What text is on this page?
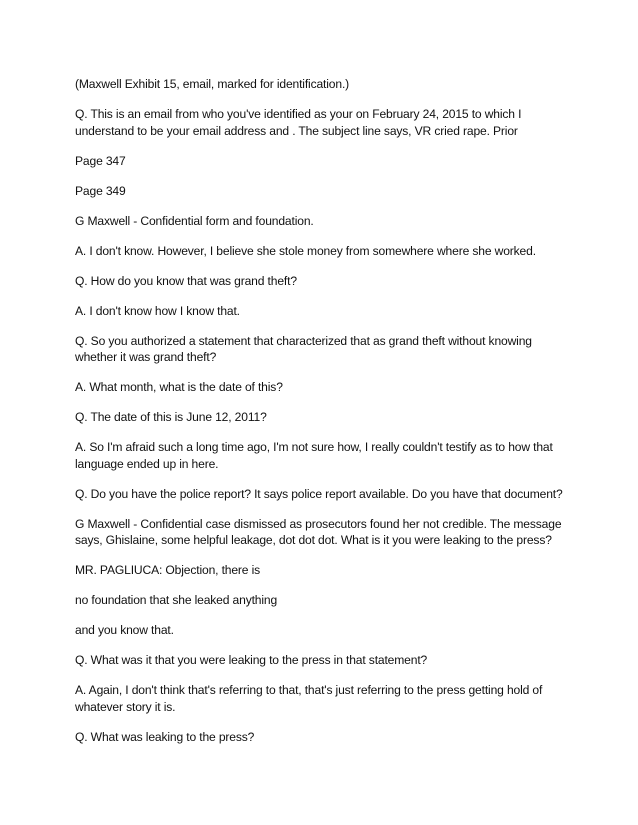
(Maxwell Exhibit 15, email, marked for identification.)

Q. This is an email from who you've identified as your on February 24, 2015 to which I understand to be your email address and . The subject line says, VR cried rape. Prior

Page 347

Page 349

G Maxwell - Confidential form and foundation.

A. I don't know. However, I believe she stole money from somewhere where she worked.

Q. How do you know that was grand theft?

A. I don't know how I know that.

Q. So you authorized a statement that characterized that as grand theft without knowing whether it was grand theft?

A. What month, what is the date of this?

Q. The date of this is June 12, 2011?

A. So I'm afraid such a long time ago, I'm not sure how, I really couldn't testify as to how that language ended up in here.

Q. Do you have the police report? It says police report available. Do you have that document?

G Maxwell - Confidential case dismissed as prosecutors found her not credible. The message says, Ghislaine, some helpful leakage, dot dot dot. What is it you were leaking to the press?

MR. PAGLIUCA: Objection, there is

no foundation that she leaked anything

and you know that.

Q. What was it that you were leaking to the press in that statement?

A. Again, I don't think that's referring to that, that's just referring to the press getting hold of whatever story it is.

Q. What was leaking to the press?
